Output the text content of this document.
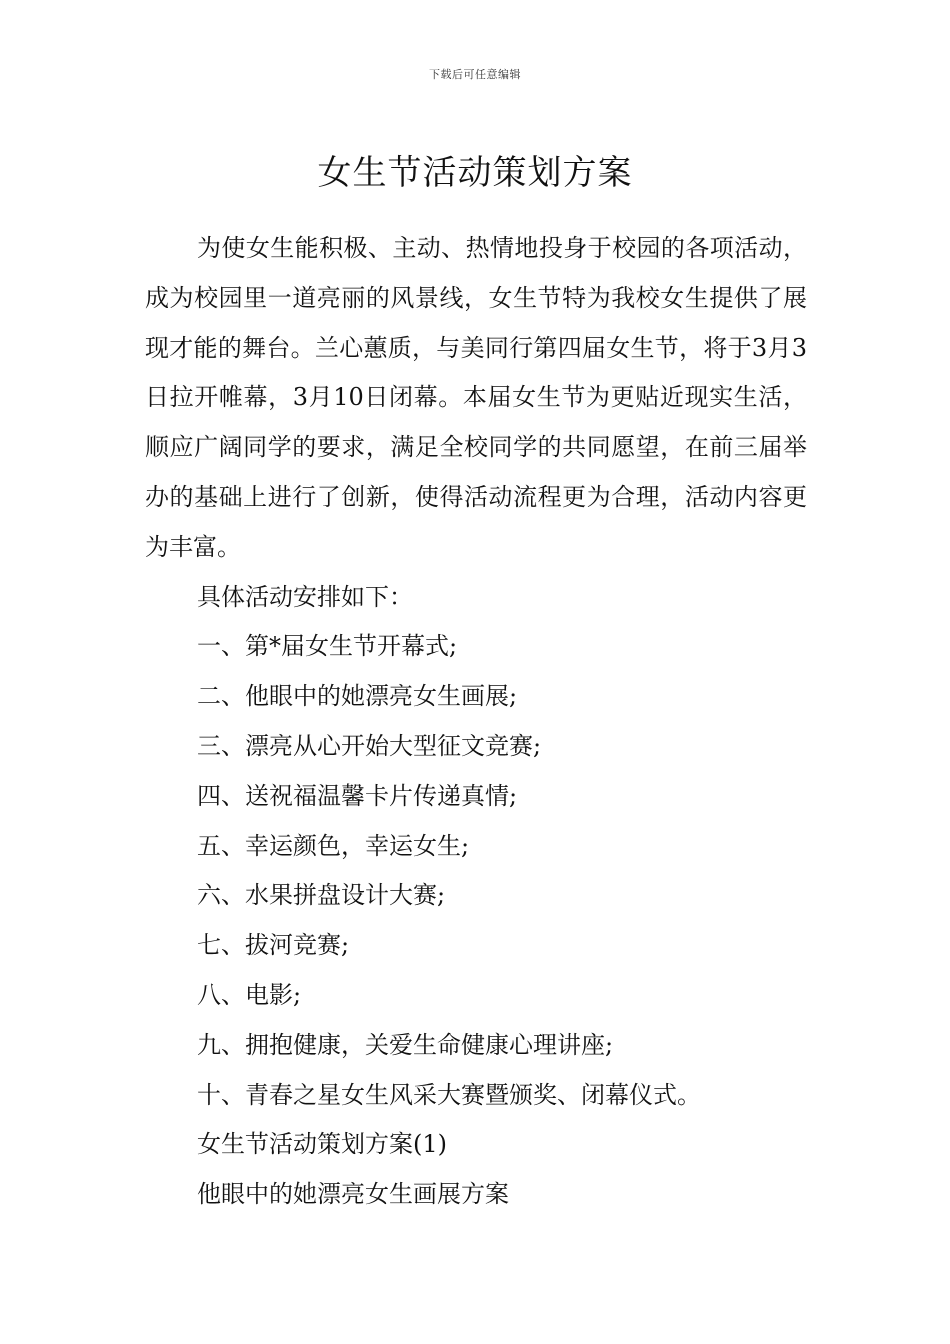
下载后可任意编辑
女生节活动策划方案

为使女生能积极、主动、热情地投身于校园的各项活动，成为校园里一道亮丽的风景线，女生节特为我校女生提供了展现才能的舞台。兰心蕙质，与美同行第四届女生节，将于3月3日拉开帷幕，3月10日闭幕。本届女生节为更贴近现实生活，顺应广阔同学的要求，满足全校同学的共同愿望，在前三届举办的基础上进行了创新，使得活动流程更为合理，活动内容更为丰富。

具体活动安排如下：

一、第*届女生节开幕式;

二、他眼中的她漂亮女生画展;

三、漂亮从心开始大型征文竞赛;

四、送祝福温馨卡片传递真情;

五、幸运颜色，幸运女生;

六、水果拼盘设计大赛;

七、拔河竞赛;

八、电影;

九、拥抱健康，关爱生命健康心理讲座;

十、青春之星女生风采大赛暨颁奖、闭幕仪式。

女生节活动策划方案(1)

他眼中的她漂亮女生画展方案
